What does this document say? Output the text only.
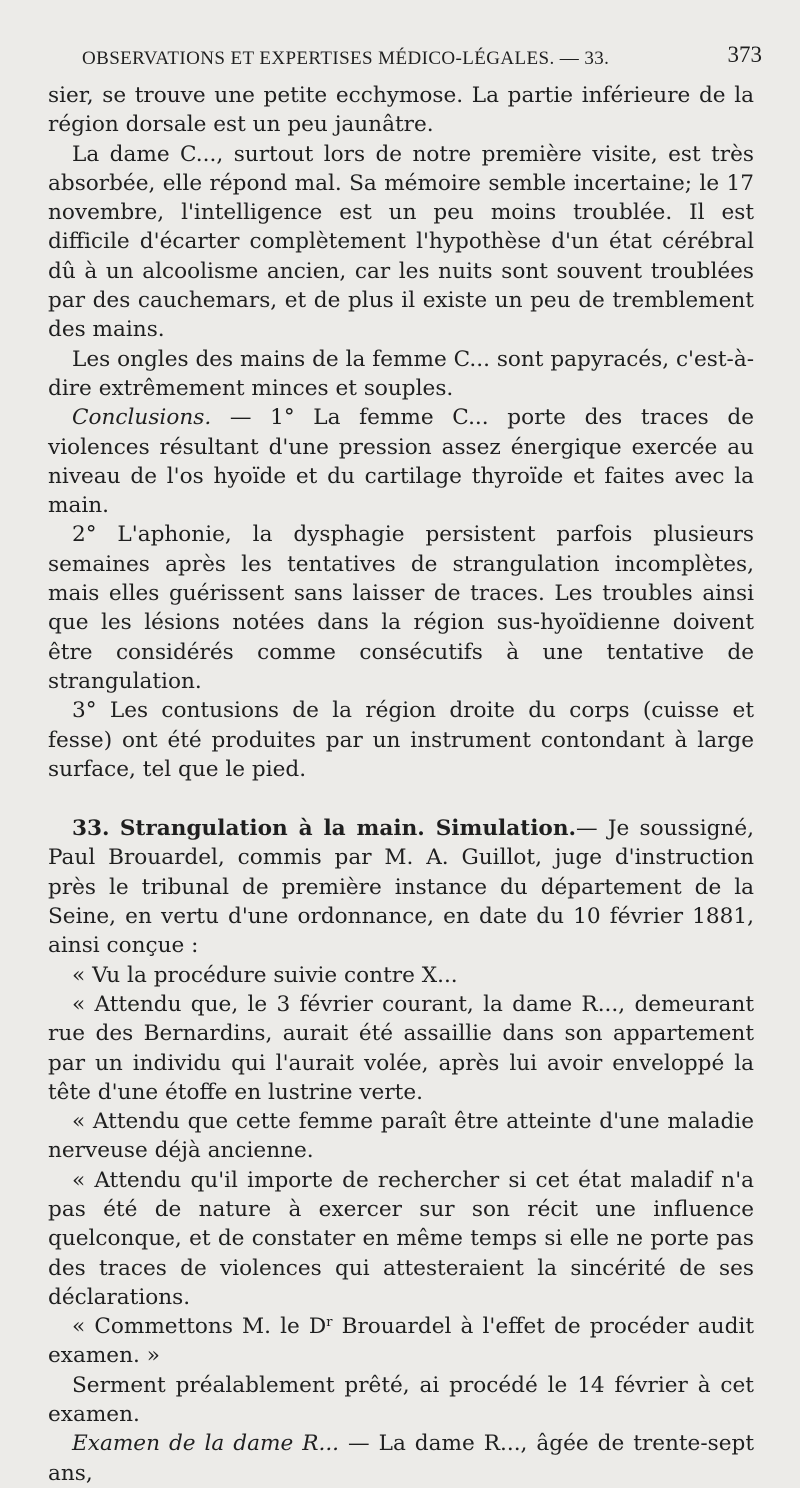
OBSERVATIONS ET EXPERTISES MÉDICO-LÉGALES. — 33.	373

sier, se trouve une petite ecchymose. La partie inférieure de la région dorsale est un peu jaunâtre.

La dame C..., surtout lors de notre première visite, est très absorbée, elle répond mal. Sa mémoire semble incertaine; le 17 novembre, l'intelligence est un peu moins troublée. Il est difficile d'écarter complètement l'hypothèse d'un état cérébral dû à un alcoolisme ancien, car les nuits sont souvent troublées par des cauchemars, et de plus il existe un peu de tremblement des mains.

Les ongles des mains de la femme C... sont papyracés, c'est-à-dire extrêmement minces et souples.

Conclusions. — 1° La femme C... porte des traces de violences résultant d'une pression assez énergique exercée au niveau de l'os hyoïde et du cartilage thyroïde et faites avec la main.

2° L'aphonie, la dysphagie persistent parfois plusieurs semaines après les tentatives de strangulation incomplètes, mais elles guérissent sans laisser de traces. Les troubles ainsi que les lésions notées dans la région sus-hyoïdienne doivent être considérés comme consécutifs à une tentative de strangulation.

3° Les contusions de la région droite du corps (cuisse et fesse) ont été produites par un instrument contondant à large surface, tel que le pied.

33. Strangulation à la main. Simulation.— Je soussigné, Paul Brouardel, commis par M. A. Guillot, juge d'instruction près le tribunal de première instance du département de la Seine, en vertu d'une ordonnance, en date du 10 février 1881, ainsi conçue :

« Vu la procédure suivie contre X...

« Attendu que, le 3 février courant, la dame R..., demeurant rue des Bernardins, aurait été assaillie dans son appartement par un individu qui l'aurait volée, après lui avoir enveloppé la tête d'une étoffe en lustrine verte.

« Attendu que cette femme paraît être atteinte d'une maladie nerveuse déjà ancienne.

« Attendu qu'il importe de rechercher si cet état maladif n'a pas été de nature à exercer sur son récit une influence quelconque, et de constater en même temps si elle ne porte pas des traces de violences qui attesteraient la sincérité de ses déclarations.

« Commettons M. le $D^r$ Brouardel à l'effet de procéder audit examen. »

Serment préalablement prêté, ai procédé le 14 février à cet examen.

Examen de la dame R... — La dame R..., âgée de trente-sept ans,
